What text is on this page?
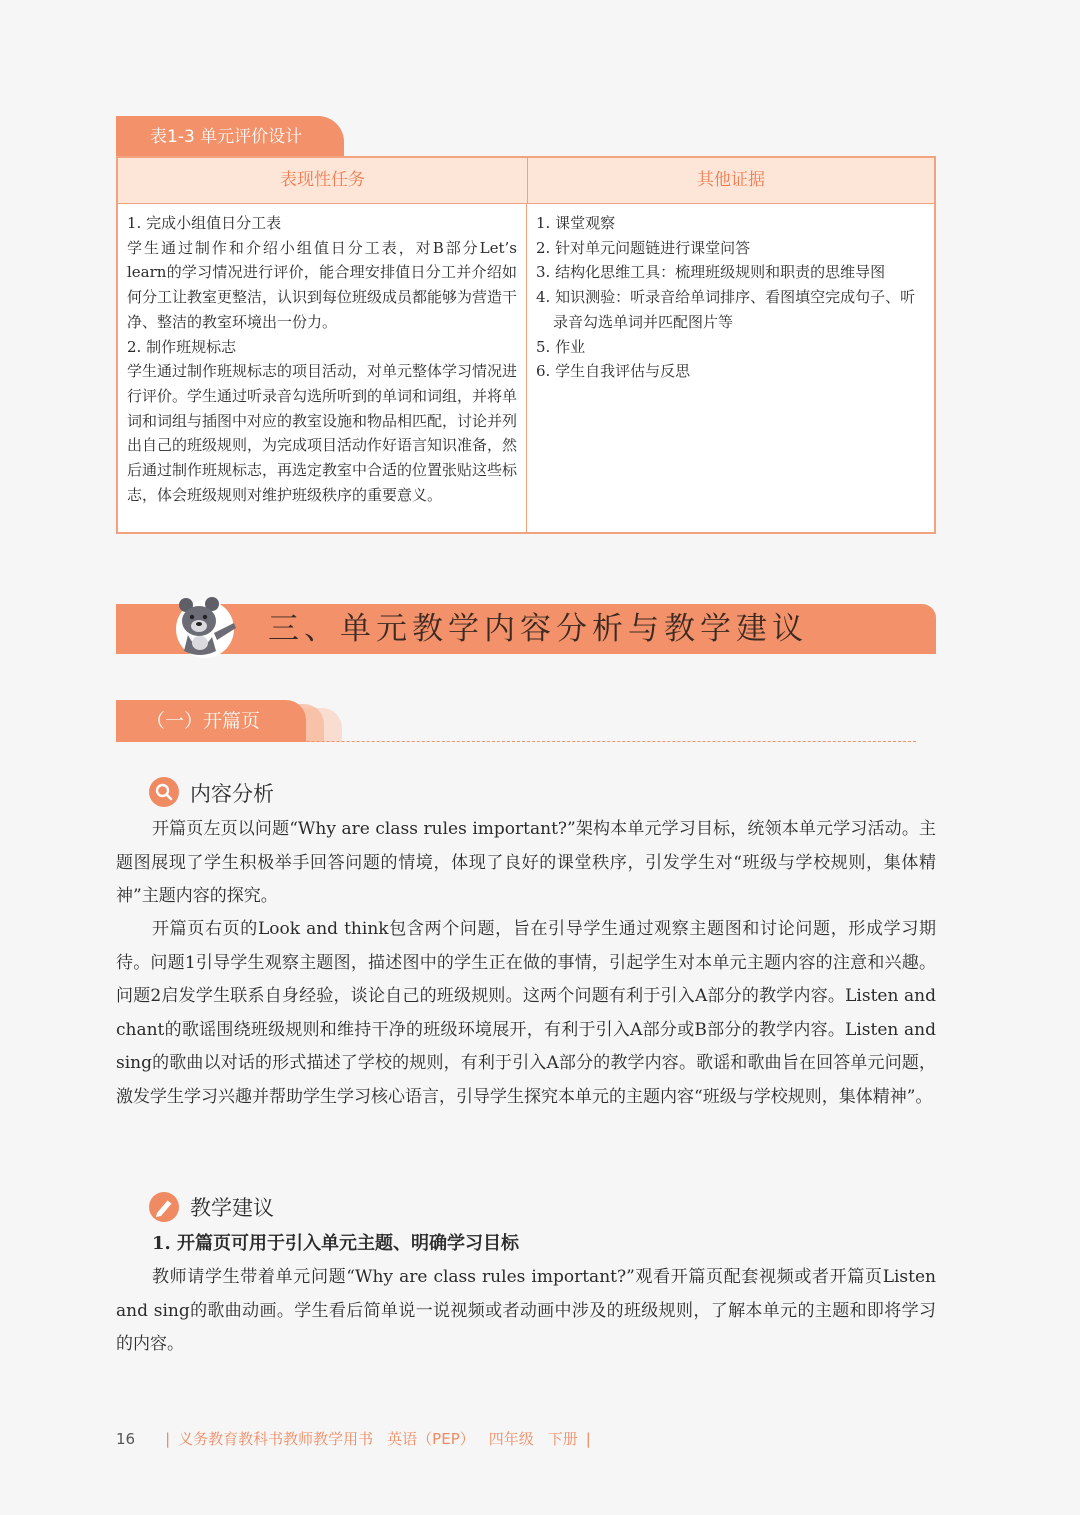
表1-3 单元评价设计
表现性任务	其他证据
1. 完成小组值日分工表
学生通过制作和介绍小组值日分工表，对B部分Let’s learn的学习情况进行评价，能合理安排值日分工并介绍如何分工让教室更整洁，认识到每位班级成员都能够为营造干净、整洁的教室环境出一份力。
2. 制作班规标志
学生通过制作班规标志的项目活动，对单元整体学习情况进行评价。学生通过听录音勾选所听到的单词和词组，并将单词和词组与插图中对应的教室设施和物品相匹配，讨论并列出自己的班级规则，为完成项目活动作好语言知识准备，然后通过制作班规标志，再选定教室中合适的位置张贴这些标志，体会班级规则对维护班级秩序的重要意义。
1. 课堂观察
2. 针对单元问题链进行课堂问答
3. 结构化思维工具：梳理班级规则和职责的思维导图
4. 知识测验：听录音给单词排序、看图填空完成句子、听录音勾选单词并匹配图片等
5. 作业
6. 学生自我评估与反思
三、单元教学内容分析与教学建议
（一）开篇页
内容分析

开篇页左页以问题“Why are class rules important?”架构本单元学习目标，统领本单元学习活动。主题图展现了学生积极举手回答问题的情境，体现了良好的课堂秩序，引发学生对“班级与学校规则，集体精神”主题内容的探究。

开篇页右页的Look and think包含两个问题，旨在引导学生通过观察主题图和讨论问题，形成学习期待。问题1引导学生观察主题图，描述图中的学生正在做的事情，引起学生对本单元主题内容的注意和兴趣。问题2启发学生联系自身经验，谈论自己的班级规则。这两个问题有利于引入A部分的教学内容。Listen and chant的歌谣围绕班级规则和维持干净的班级环境展开，有利于引入A部分或B部分的教学内容。Listen and sing的歌曲以对话的形式描述了学校的规则，有利于引入A部分的教学内容。歌谣和歌曲旨在回答单元问题，激发学生学习兴趣并帮助学生学习核心语言，引导学生探究本单元的主题内容“班级与学校规则，集体精神”。

教学建议
1. 开篇页可用于引入单元主题、明确学习目标

教师请学生带着单元问题“Why are class rules important?”观看开篇页配套视频或者开篇页Listen and sing的歌曲动画。学生看后简单说一说视频或者动画中涉及的班级规则，了解本单元的主题和即将学习的内容。

16 | 义务教育教科书教师教学用书 英语（PEP） 四年级 下册 |
